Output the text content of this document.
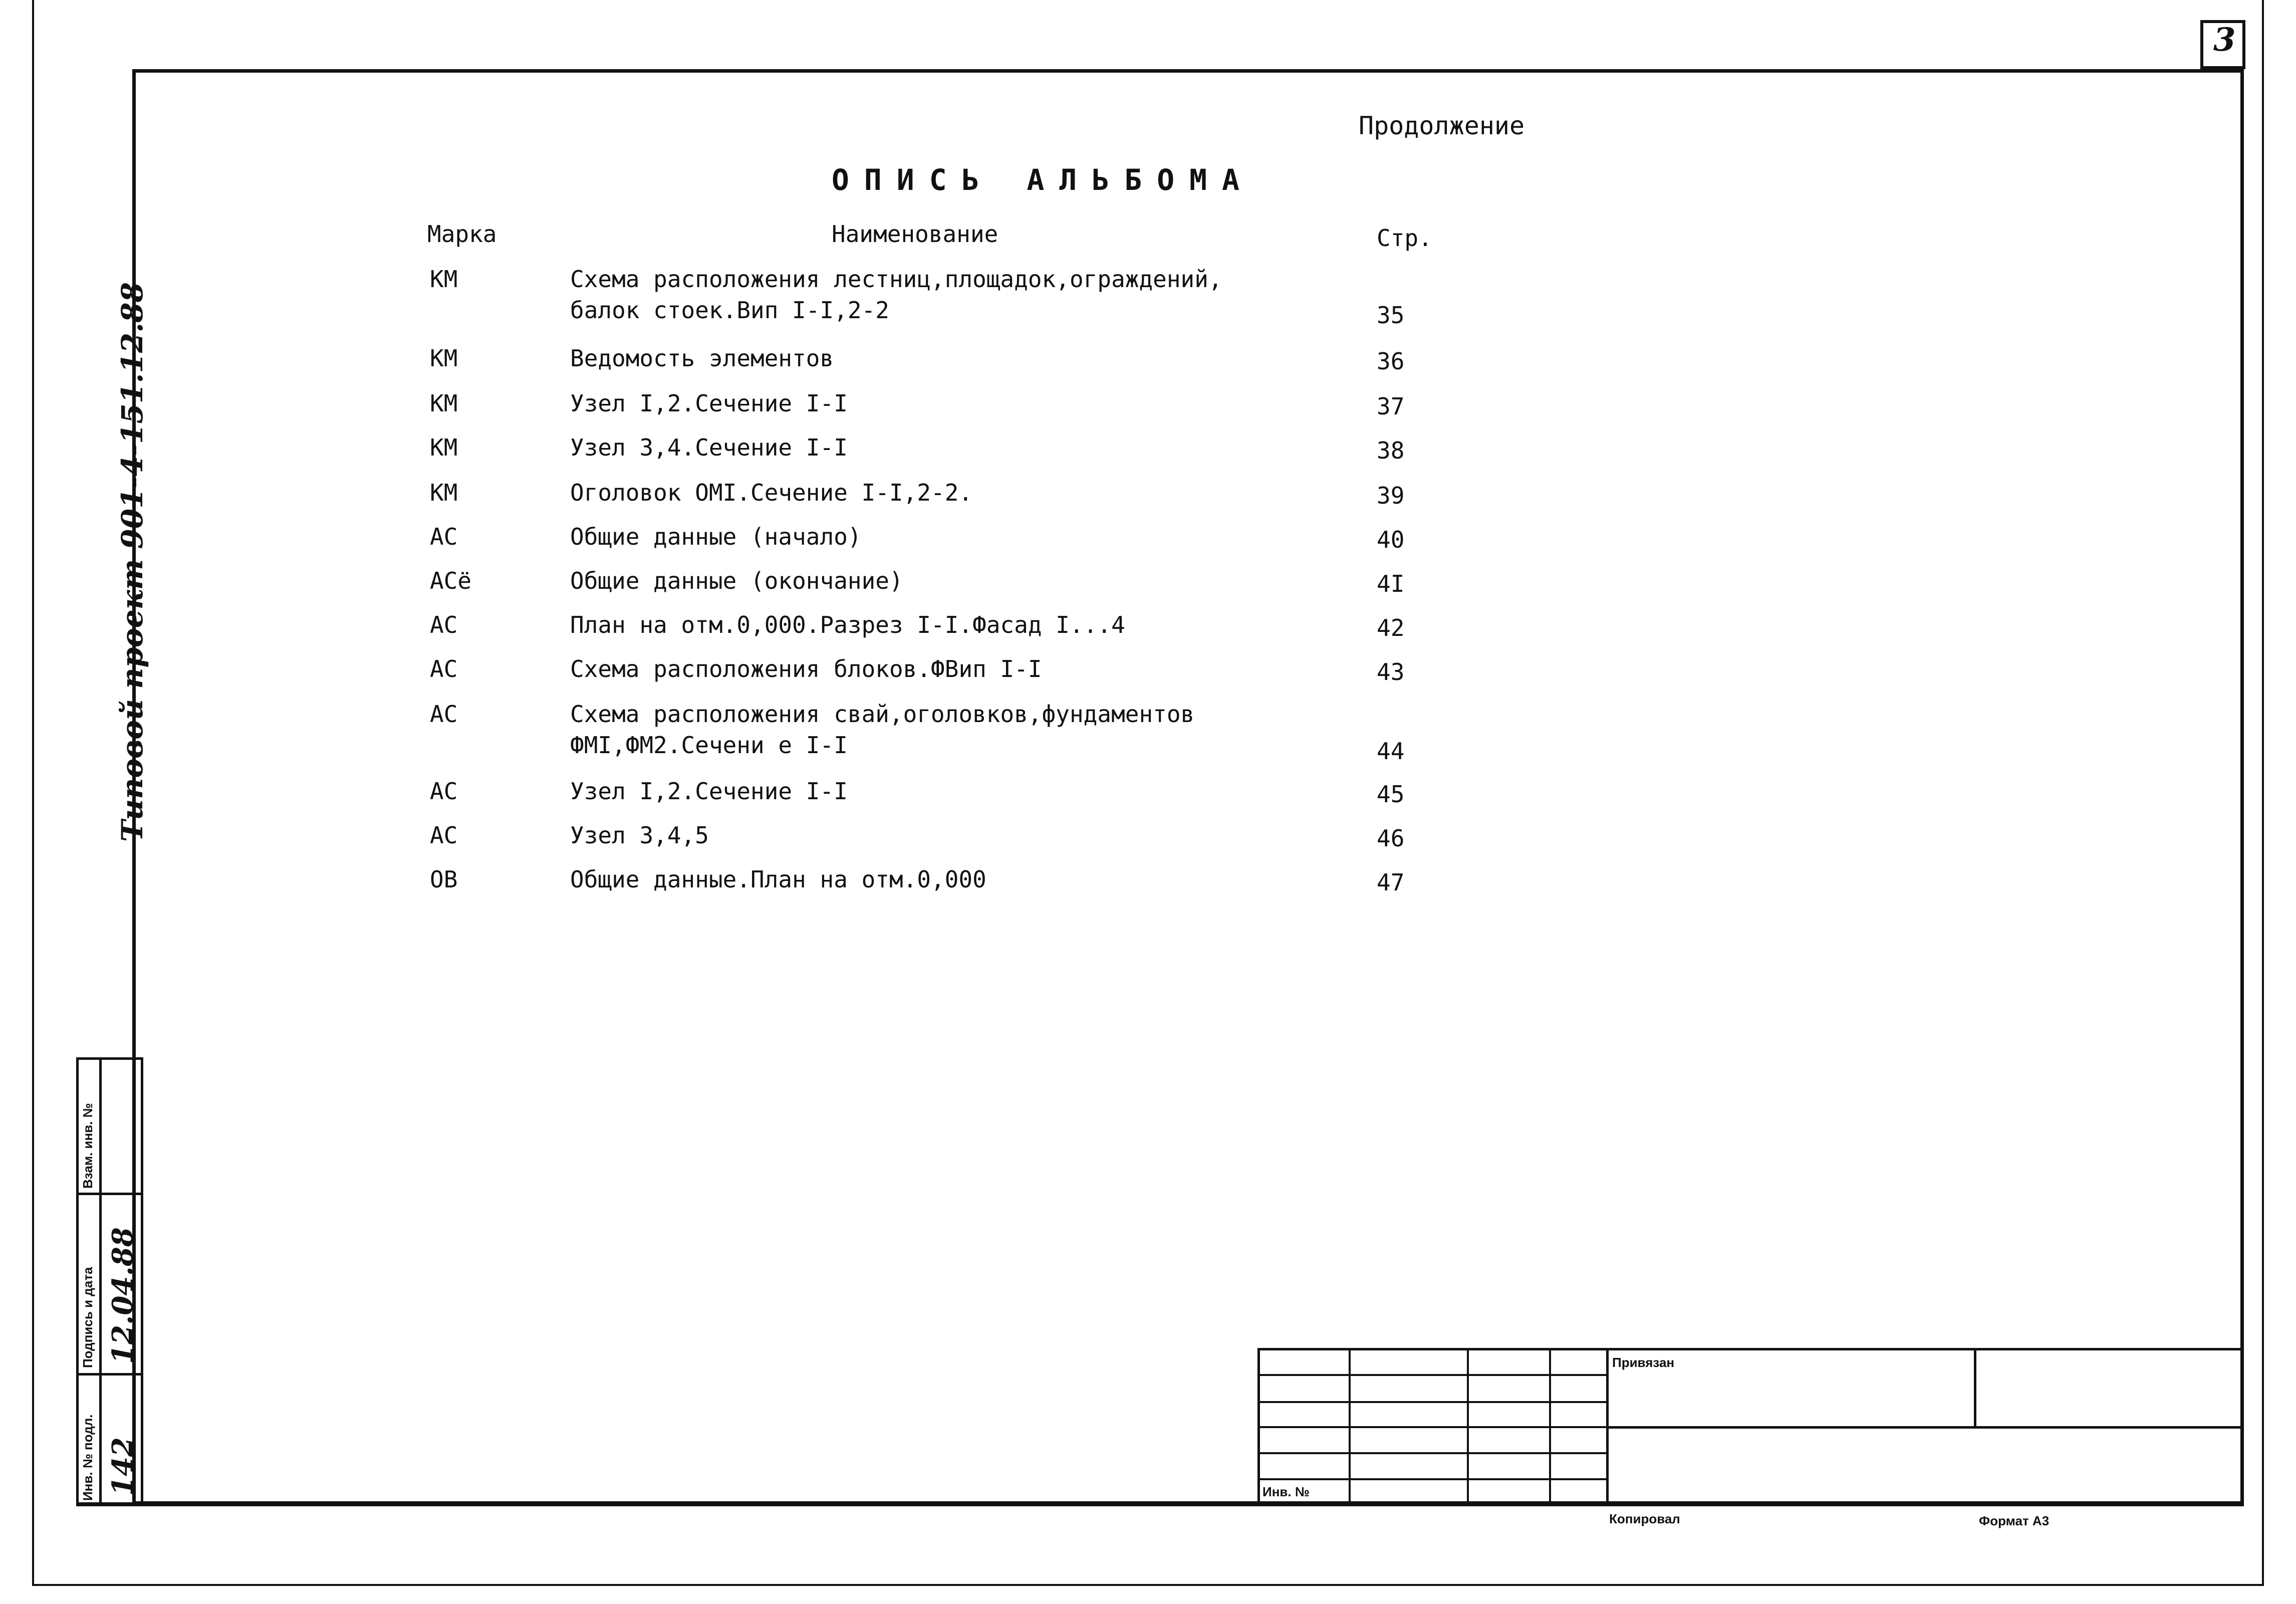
3
Продолжение
ОПИСЬ АЛЬБОМА
Марка	Наименование	Стр.
КМ	Схема расположения лестниц,площадок,ограждений,
балок стоек.Вип I-I,2-2	35
КМ	Ведомость элементов	36
КМ	Узел I,2.Сечение I-I	37
КМ	Узел 3,4.Сечение I-I	38
КМ	Оголовок ОМI.Сечение I-I,2-2.	39
АС	Общие данные (начало)	40
АСё	Общие данные (окончание)	4I
АС	План на отм.0,000.Разрез I-I.Фасад I...4	42
АС	Схема расположения блоков.ФВип I-I	43
АС	Схема расположения свай,оголовков,фундаментов
ФМI,ФМ2.Сечени е I-I	44
АС	Узел I,2.Сечение I-I	45
АС	Узел 3,4,5	46
ОВ	Общие данные.План на отм.0,000	47
Типовой проект 901-4-151.12.88
Взам. инв. №
Подпись и дата
Инв. № подл.
12.04.88
142	Инв. №
Привязан
Копировал	Формат А3
